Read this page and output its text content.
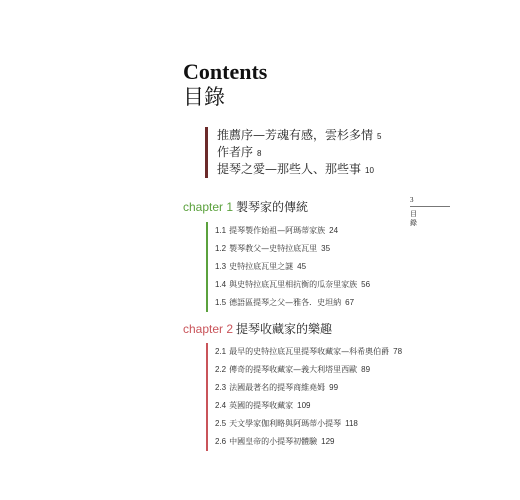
Contents
目錄
推薦序—芳魂有感，雲杉多情 5
作者序 8
提琴之愛—那些人、那些事 10
chapter 1 製琴家的傳統
1.1 提琴製作始祖—阿瑪蒂家族 24
1.2 製琴教父—史特拉底瓦里 35
1.3 史特拉底瓦里之謎 45
1.4 與史特拉底瓦里相抗衡的瓜奈里家族 56
1.5 德語區提琴之父—雅各．史坦納 67
chapter 2 提琴收藏家的樂趣
2.1 最早的史特拉底瓦里提琴收藏家—科希奧伯爵 78
2.2 傳奇的提琴收藏家—義大利塔里西歐 89
2.3 法國最著名的提琴商維堯姆 99
2.4 英國的提琴收藏家 109
2.5 天文學家伽利略與阿瑪蒂小提琴 118
2.6 中國皇帝的小提琴初體驗 129
3
目錄
